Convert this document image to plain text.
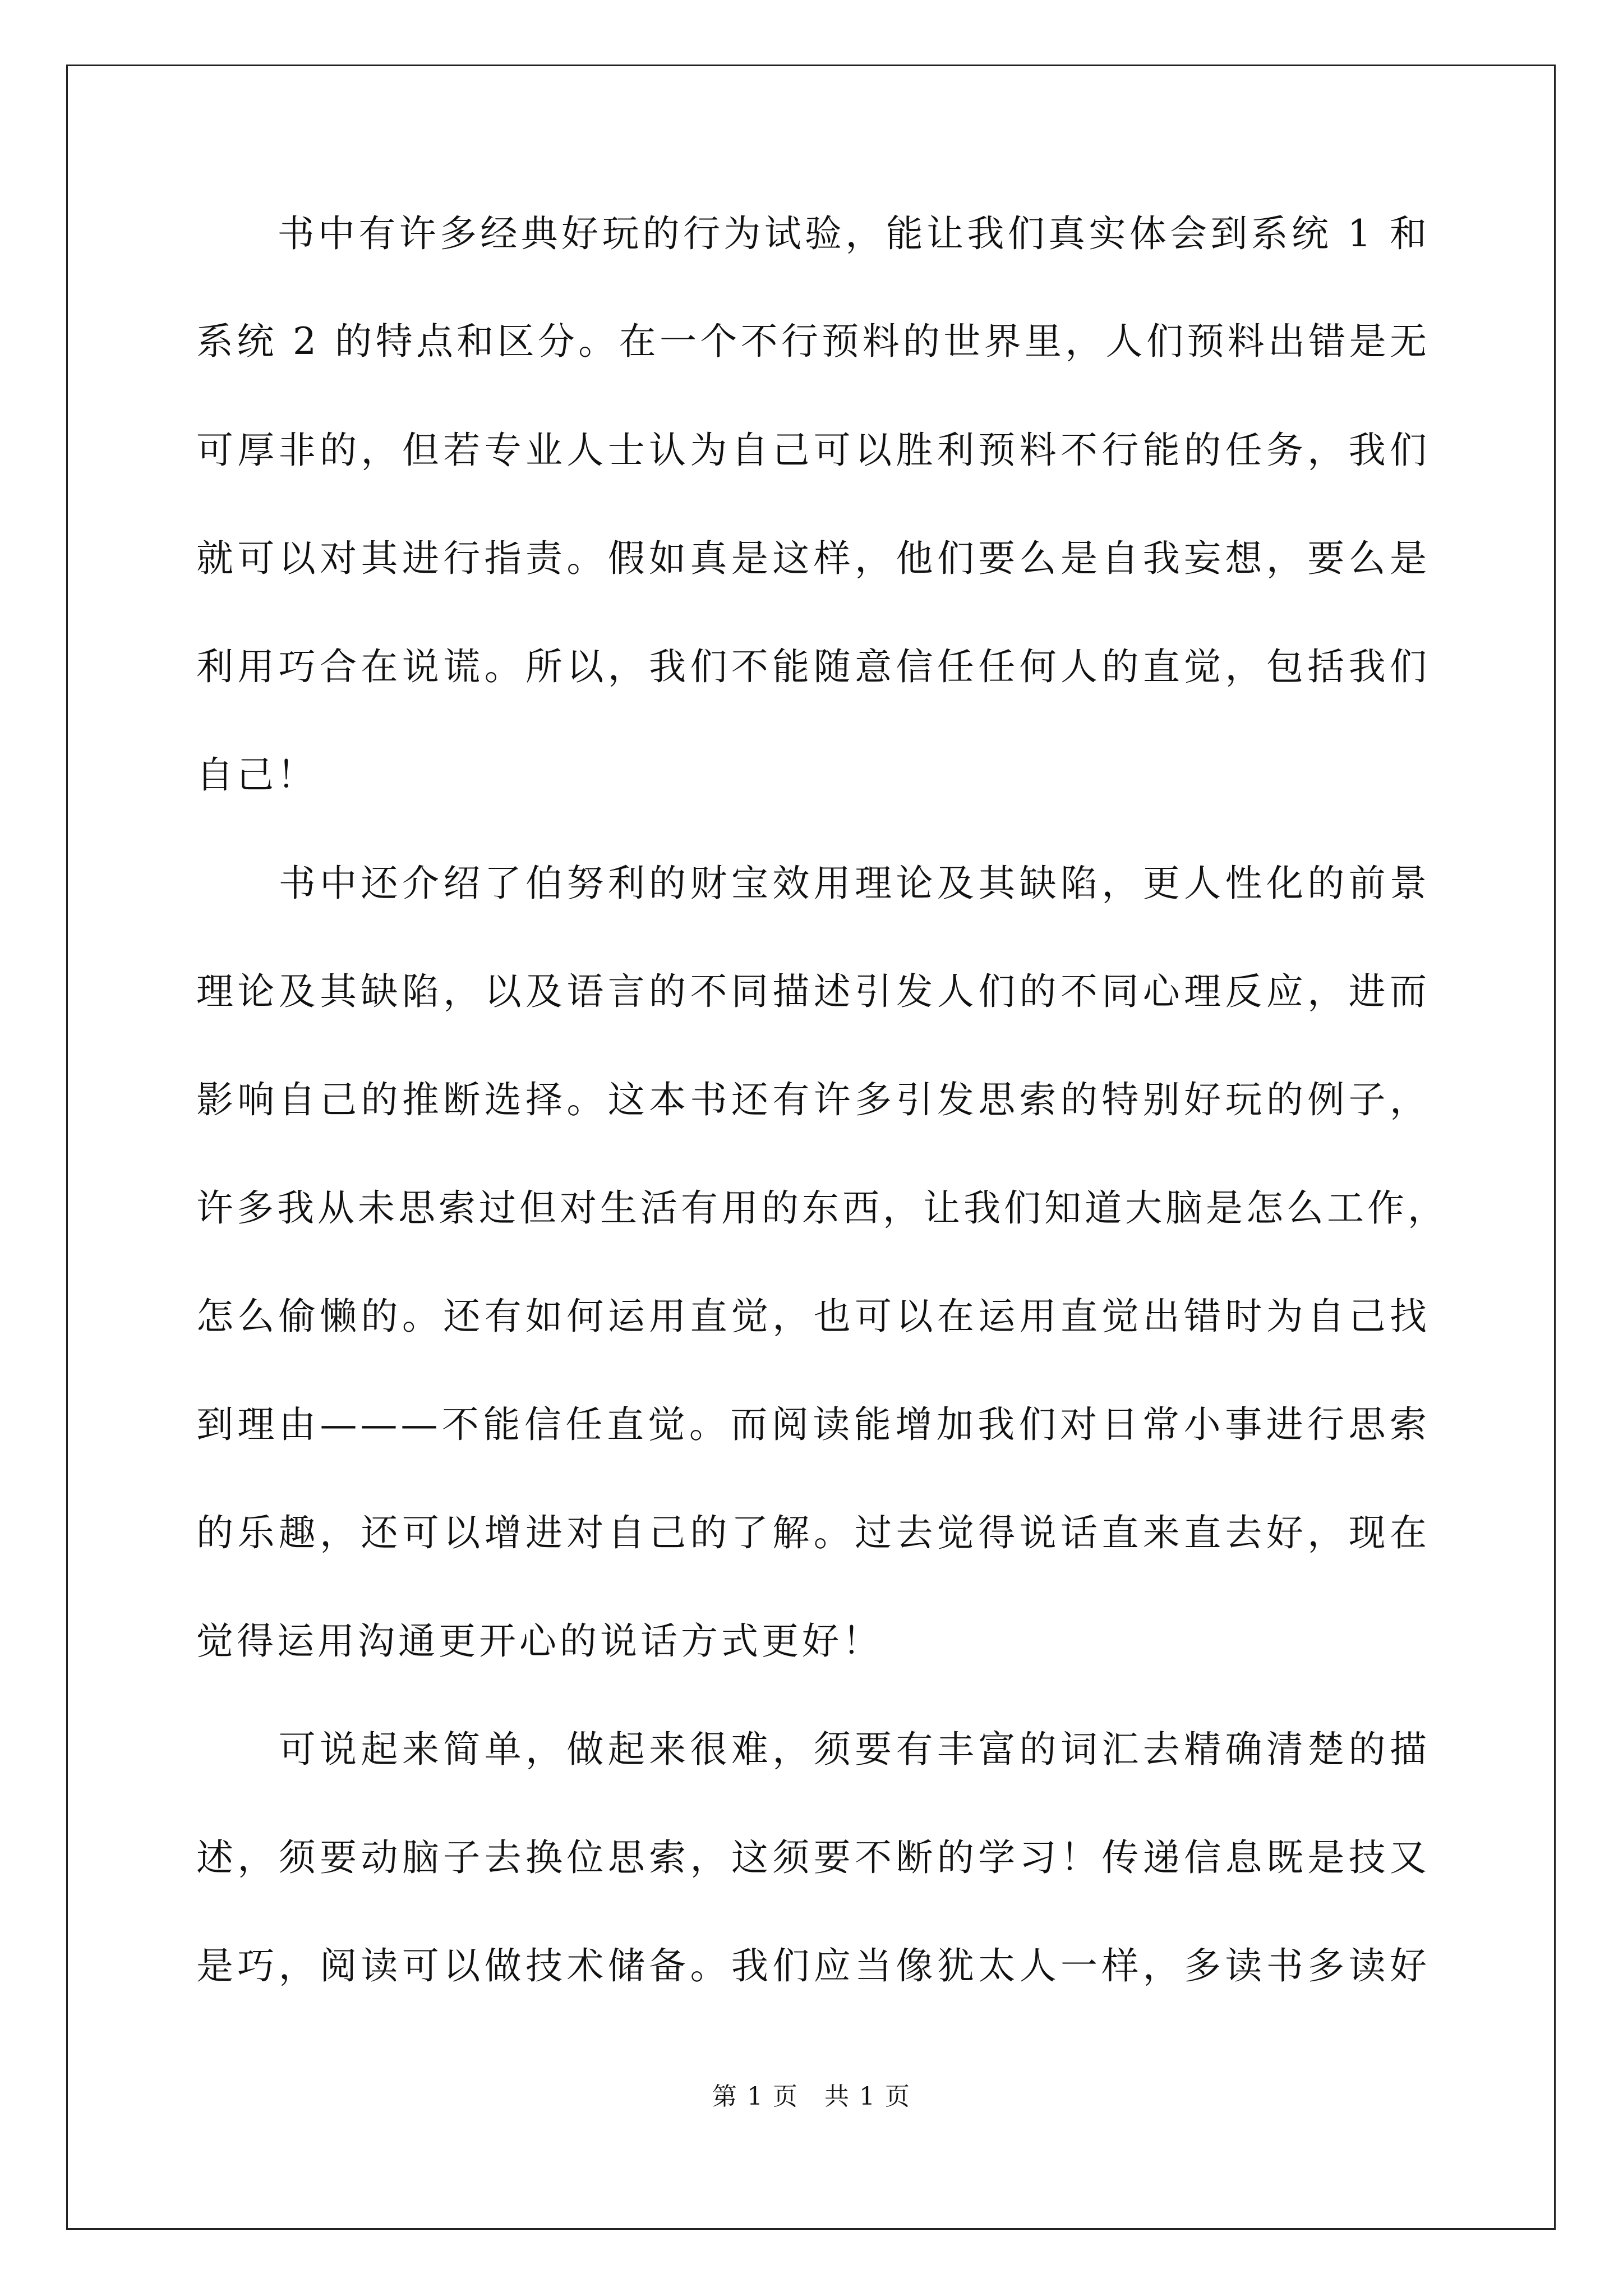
　　书中有许多经典好玩的行为试验，能让我们真实体会到系统 1 和
系统 2 的特点和区分。在一个不行预料的世界里，人们预料出错是无
可厚非的，但若专业人士认为自己可以胜利预料不行能的任务，我们
就可以对其进行指责。假如真是这样，他们要么是自我妄想，要么是
利用巧合在说谎。所以，我们不能随意信任任何人的直觉，包括我们
自己！
　　书中还介绍了伯努利的财宝效用理论及其缺陷，更人性化的前景
理论及其缺陷，以及语言的不同描述引发人们的不同心理反应，进而
影响自己的推断选择。这本书还有许多引发思索的特别好玩的例子，
许多我从未思索过但对生活有用的东西，让我们知道大脑是怎么工作，
怎么偷懒的。还有如何运用直觉，也可以在运用直觉出错时为自己找
到理由———不能信任直觉。而阅读能增加我们对日常小事进行思索
的乐趣，还可以增进对自己的了解。过去觉得说话直来直去好，现在
觉得运用沟通更开心的说话方式更好！
　　可说起来简单，做起来很难，须要有丰富的词汇去精确清楚的描
述，须要动脑子去换位思索，这须要不断的学习！传递信息既是技又
是巧，阅读可以做技术储备。我们应当像犹太人一样，多读书多读好
第 1 页　共 1 页
